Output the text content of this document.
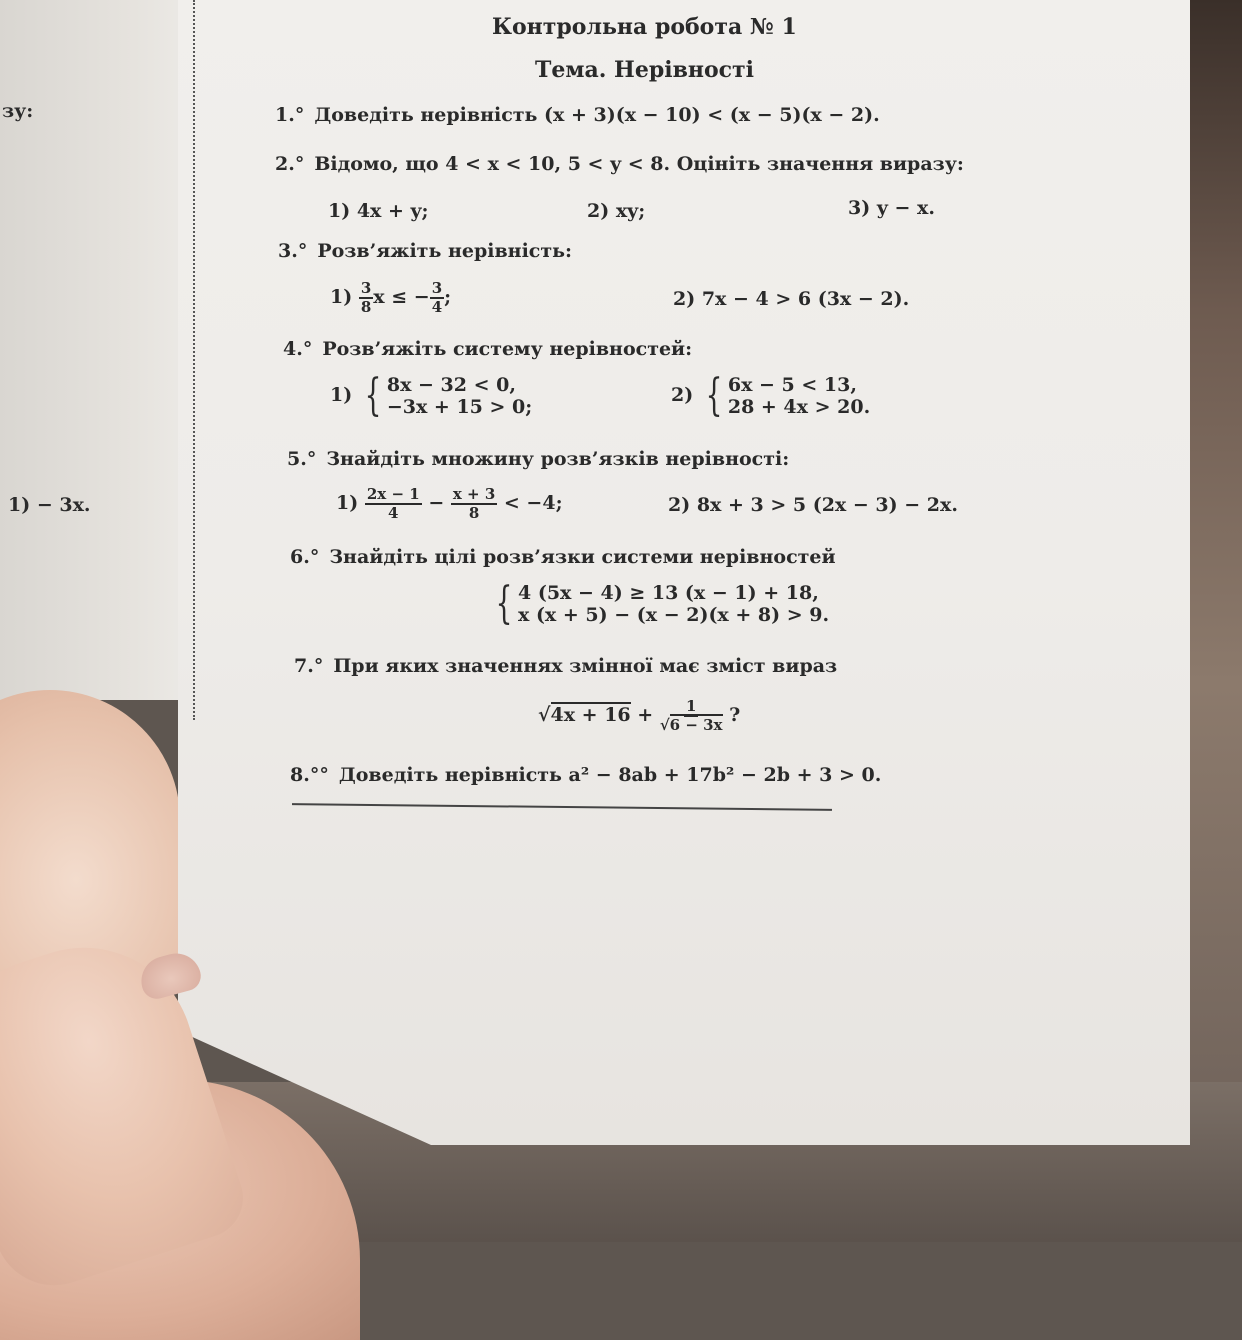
зу:
1) − 3x.
Контрольна робота № 1
Тема. Нерівності
1.° Доведіть нерівність (x + 3)(x − 10) < (x − 5)(x − 2).
2.° Відомо, що 4 < x < 10, 5 < y < 8. Оцініть значення виразу:
1) 4x + y;	2) xy;	3) y − x.
3.° Розв’яжіть нерівність:
$1) \frac{3}{8}$ x ≤ − $\frac{3}{4}$ ;	2) 7x − 4 > 6 (3x − 2).
4.° Розв’яжіть систему нерівностей:
1) { 8x − 32 < 0,
−3x + 15 > 0;
2) { 6x − 5 < 13,
28 + 4x > 20.
5.° Знайдіть множину розв’язків нерівності:
$1) \frac{2x - 1}{4} - \frac{x + 3}{8} < -4$;	2) 8x + 3 > 5 (2x − 3) − 2x.
6.° Знайдіть цілі розв’язки системи нерівностей
{ 4 (5x − 4) ≥ 13 (x − 1) + 18,
x (x + 5) − (x − 2)(x + 8) > 9.
7.° При яких значеннях змінної має зміст вираз
$√4x + 16 + \frac{1}{√6 - 3x}$ ?
8.°° Доведіть нерівність a² − 8ab + 17b² − 2b + 3 > 0.
